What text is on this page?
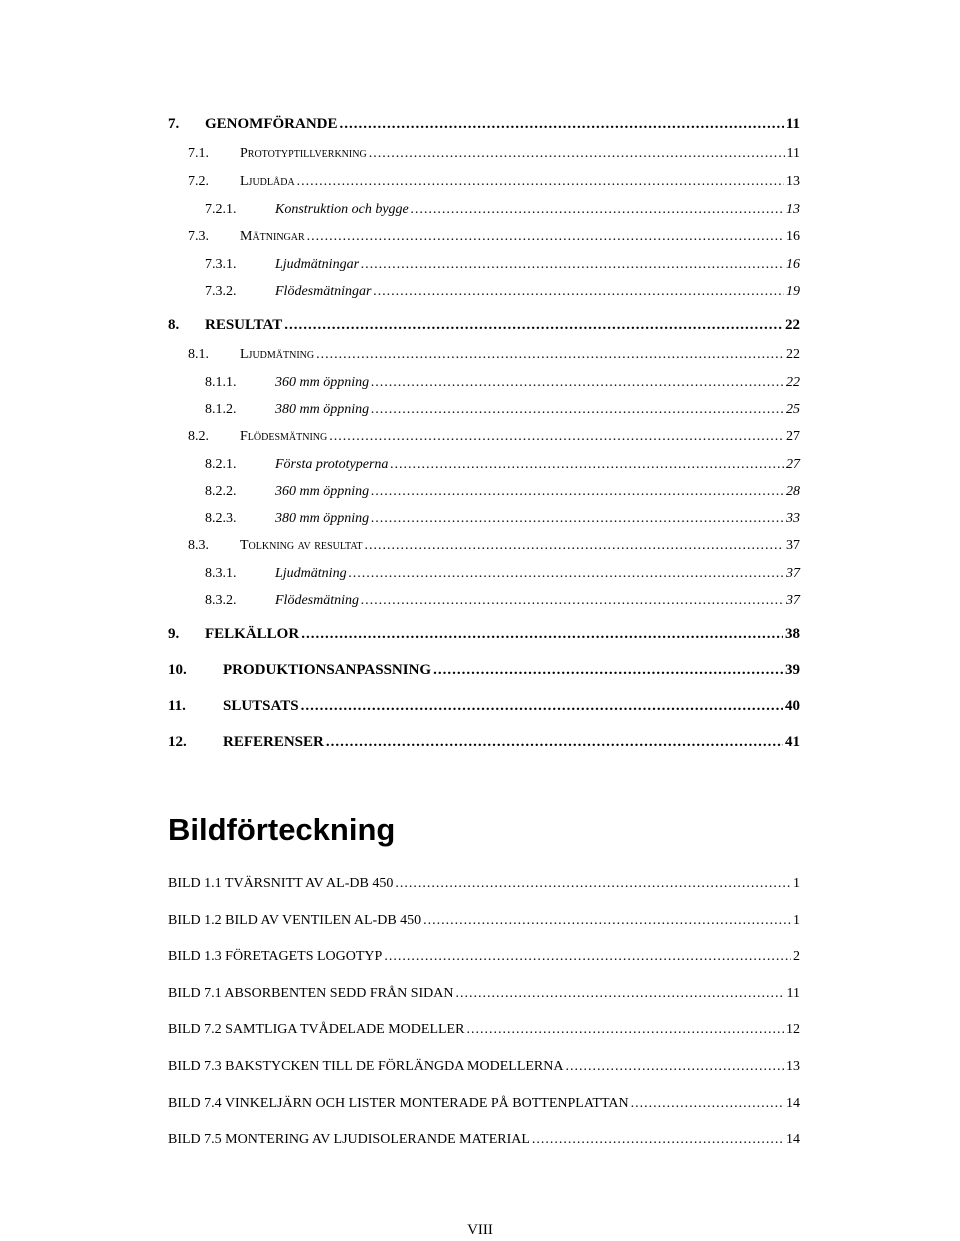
7.	GENOMFÖRANDE .....	11
7.1.	Prototyptillverkning .....	11
7.2.	Ljudlåda .....	13
7.2.1.	Konstruktion och bygge .....	13
7.3.	Mätningar .....	16
7.3.1.	Ljudmätningar .....	16
7.3.2.	Flödesmätningar .....	19
8.	RESULTAT .....	22
8.1.	Ljudmätning .....	22
8.1.1.	360 mm öppning .....	22
8.1.2.	380 mm öppning .....	25
8.2.	Flödesmätning .....	27
8.2.1.	Första prototyperna .....	27
8.2.2.	360 mm öppning .....	28
8.2.3.	380 mm öppning .....	33
8.3.	Tolkning av resultat .....	37
8.3.1.	Ljudmätning .....	37
8.3.2.	Flödesmätning .....	37
9.	FELKÄLLOR .....	38
10.	PRODUKTIONSANPASSNING .....	39
11.	SLUTSATS .....	40
12.	REFERENSER .....	41
Bildförteckning
BILD 1.1 TVÄRSNITT AV AL-DB 450 .....	1
BILD 1.2 BILD AV VENTILEN AL-DB 450 .....	1
BILD 1.3 FÖRETAGETS LOGOTYP .....	2
BILD 7.1 ABSORBENTEN SEDD FRÅN SIDAN .....	11
BILD 7.2 SAMTLIGA TVÅDELADE MODELLER .....	12
BILD 7.3 BAKSTYCKEN TILL DE FÖRLÄNGDA MODELLERNA .....	13
BILD 7.4 VINKELJÄRN OCH LISTER MONTERADE PÅ BOTTENPLATTAN .....	14
BILD 7.5 MONTERING AV LJUDISOLERANDE MATERIAL .....	14
VIII
